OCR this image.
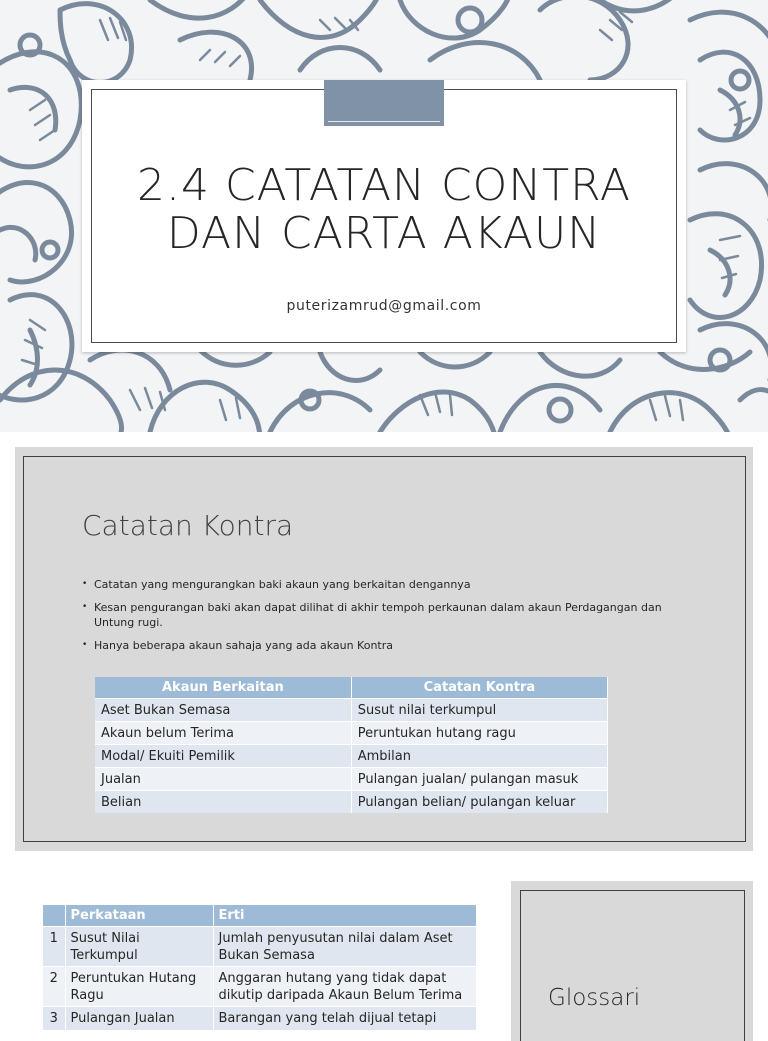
2.4 CATATAN CONTRA
DAN CARTA AKAUN
puterizamrud@gmail.com
Catatan Kontra
• Catatan yang mengurangkan baki akaun yang berkaitan dengannya
• Kesan pengurangan baki akan dapat dilihat di akhir tempoh perkaunan dalam akaun Perdagangan dan Untung rugi.
• Hanya beberapa akaun sahaja yang ada akaun Kontra
Akaun Berkaitan	Catatan Kontra
Aset Bukan Semasa	Susut nilai terkumpul
Akaun belum Terima	Peruntukan hutang ragu
Modal/ Ekuiti Pemilik	Ambilan
Jualan	Pulangan jualan/ pulangan masuk
Belian	Pulangan belian/ pulangan keluar
	Perkataan	Erti
1	Susut Nilai Terkumpul	Jumlah penyusutan nilai dalam Aset Bukan Semasa
2	Peruntukan Hutang Ragu	Anggaran hutang yang tidak dapat dikutip daripada Akaun Belum Terima
3	Pulangan Jualan	Barangan yang telah dijual tetapi
Glossari
